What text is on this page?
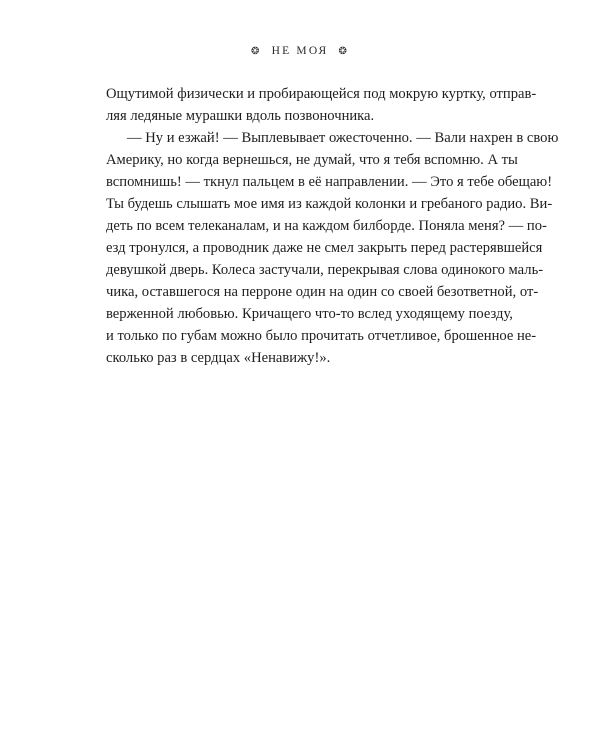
❂ НЕ МОЯ ❂
Ощутимой физически и пробирающейся под мокрую куртку, отправ-
ляя ледяные мурашки вдоль позвоночника.
— Ну и езжай! — Выплевывает ожесточенно. — Вали нахрен в свою
Америку, но когда вернешься, не думай, что я тебя вспомню. А ты
вспомнишь! — ткнул пальцем в её направлении. — Это я тебе обещаю!
Ты будешь слышать мое имя из каждой колонки и гребаного радио. Ви-
деть по всем телеканалам, и на каждом билборде. Поняла меня? — по-
езд тронулся, а проводник даже не смел закрыть перед растерявшейся
девушкой дверь. Колеса застучали, перекрывая слова одинокого маль-
чика, оставшегося на перроне один на один со своей безответной, от-
верженной любовью. Кричащего что-то вслед уходящему поезду,
и только по губам можно было прочитать отчетливое, брошенное не-
сколько раз в сердцах «Ненавижу!».
